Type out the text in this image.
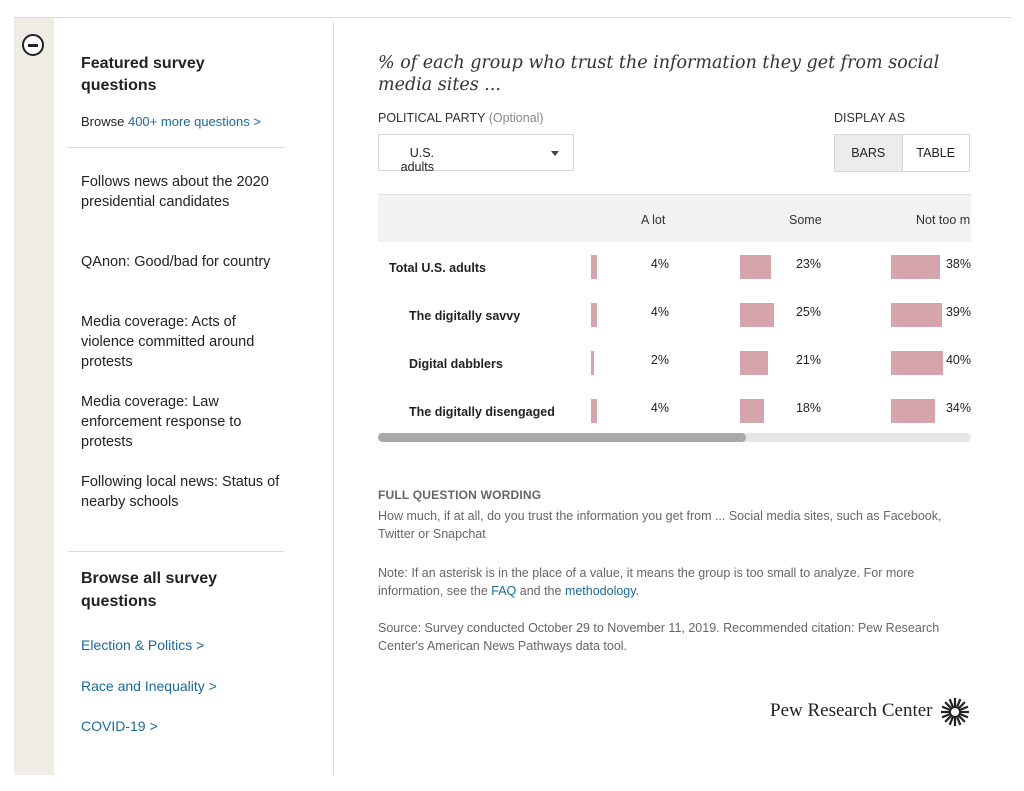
Featured survey questions
Browse 400+ more questions >
Follows news about the 2020 presidential candidates
QAnon: Good/bad for country
Media coverage: Acts of violence committed around protests
Media coverage: Law enforcement response to protests
Following local news: Status of nearby schools
Browse all survey questions
Election & Politics >
Race and Inequality >
COVID-19 >
% of each group who trust the information they get from social media sites ...
POLITICAL PARTY (Optional)	DISPLAY AS
U.S. adults
BARS	TABLE
A lot	Some	Not too m
Total U.S. adults	4%	23%	38%
The digitally savvy	4%	25%	39%
Digital dabblers	2%	21%	40%
The digitally disengaged	4%	18%	34%
FULL QUESTION WORDING
How much, if at all, do you trust the information you get from ... Social media sites, such as Facebook, Twitter or Snapchat
Note: If an asterisk is in the place of a value, it means the group is too small to analyze. For more information, see the FAQ and the methodology.
Source: Survey conducted October 29 to November 11, 2019. Recommended citation: Pew Research Center's American News Pathways data tool.
Pew Research Center
